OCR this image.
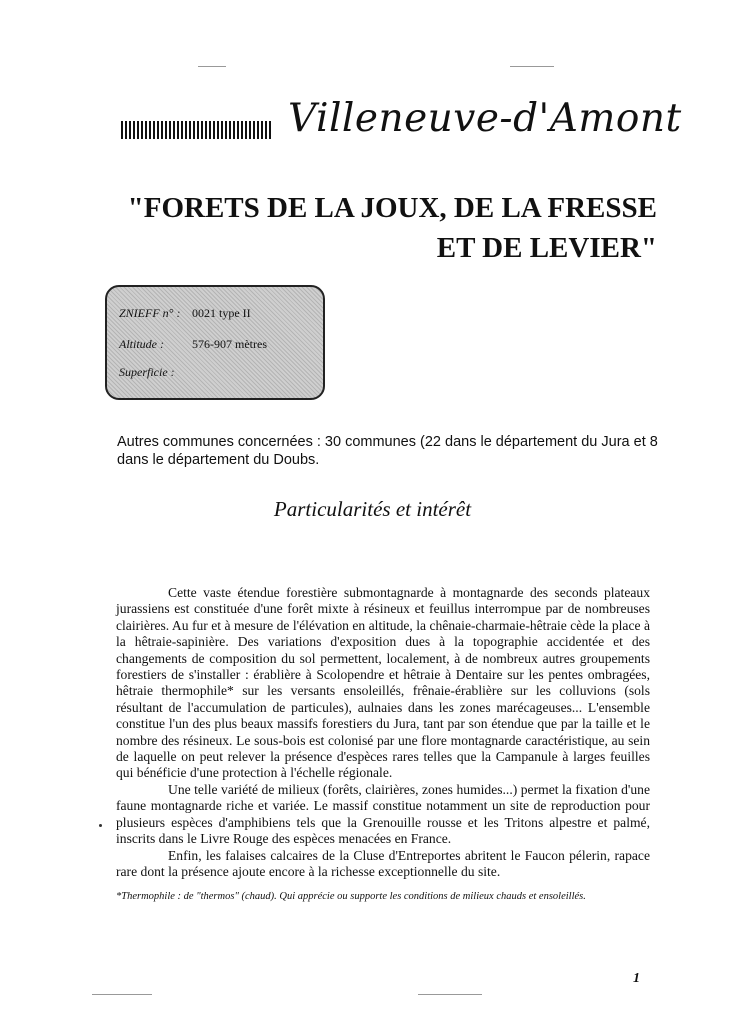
Villeneuve-d'Amont
"FORETS DE LA JOUX, DE LA FRESSE
ET DE LEVIER"
ZNIEFF n° : 0021 type II
Altitude : 576-907 mètres
Superficie :

Autres communes concernées : 30 communes (22 dans le département du Jura et 8 dans le département du Doubs.

Particularités et intérêt

Cette vaste étendue forestière submontagnarde à montagnarde des seconds plateaux jurassiens est constituée d'une forêt mixte à résineux et feuillus interrompue par de nombreuses clairières. Au fur et à mesure de l'élévation en altitude, la chênaie-charmaie-hêtraie cède la place à la hêtraie-sapinière. Des variations d'exposition dues à la topographie accidentée et des changements de composition du sol permettent, localement, à de nombreux autres groupements forestiers de s'installer : érablière à Scolopendre et hêtraie à Dentaire sur les pentes ombragées, hêtraie thermophile* sur les versants ensoleillés, frênaie-érablière sur les colluvions (sols résultant de l'accumulation de particules), aulnaies dans les zones marécageuses... L'ensemble constitue l'un des plus beaux massifs forestiers du Jura, tant par son étendue que par la taille et le nombre des résineux. Le sous-bois est colonisé par une flore montagnarde caractéristique, au sein de laquelle on peut relever la présence d'espèces rares telles que la Campanule à larges feuilles qui bénéficie d'une protection à l'échelle régionale.

Une telle variété de milieux (forêts, clairières, zones humides...) permet la fixation d'une faune montagnarde riche et variée. Le massif constitue notamment un site de reproduction pour plusieurs espèces d'amphibiens tels que la Grenouille rousse et les Tritons alpestre et palmé, inscrits dans le Livre Rouge des espèces menacées en France.

Enfin, les falaises calcaires de la Cluse d'Entreportes abritent le Faucon pélerin, rapace rare dont la présence ajoute encore à la richesse exceptionnelle du site.

*Thermophile : de "thermos" (chaud). Qui apprécie ou supporte les conditions de milieux chauds et ensoleillés.

1
